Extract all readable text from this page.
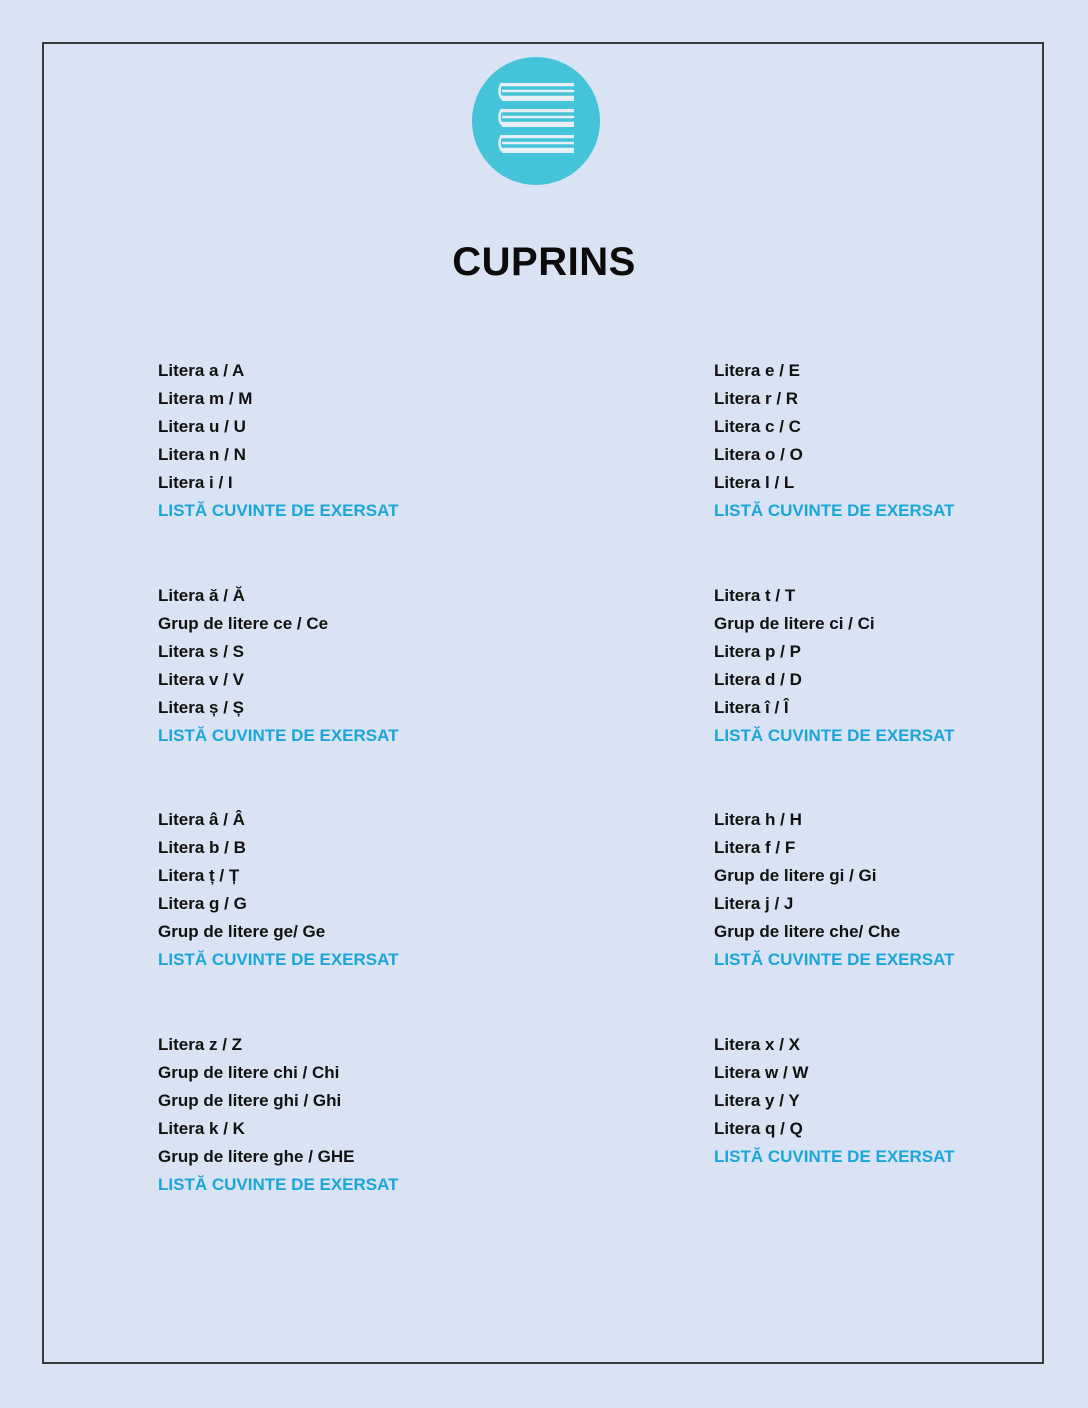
CUPRINS
Litera a / A
Litera m / M
Litera u / U
Litera n / N
Litera i / I
LISTĂ CUVINTE DE EXERSAT
Litera ă / Ă
Grup de litere ce / Ce
Litera s / S
Litera v / V
Litera ș / Ș
LISTĂ CUVINTE DE EXERSAT
Litera â / Â
Litera b / B
Litera ț / Ț
Litera g / G
Grup de litere ge/ Ge
LISTĂ CUVINTE DE EXERSAT
Litera z / Z
Grup de litere chi / Chi
Grup de litere ghi / Ghi
Litera k / K
Grup de litere ghe / GHE
LISTĂ CUVINTE DE EXERSAT
Litera e / E
Litera r / R
Litera c / C
Litera o / O
Litera l / L
LISTĂ CUVINTE DE EXERSAT
Litera t / T
Grup de litere ci / Ci
Litera p / P
Litera d / D
Litera î / Î
LISTĂ CUVINTE DE EXERSAT
Litera h / H
Litera f / F
Grup de litere gi / Gi
Litera j / J
Grup de litere che/ Che
LISTĂ CUVINTE DE EXERSAT
Litera x / X
Litera w / W
Litera y / Y
Litera q / Q
LISTĂ CUVINTE DE EXERSAT
